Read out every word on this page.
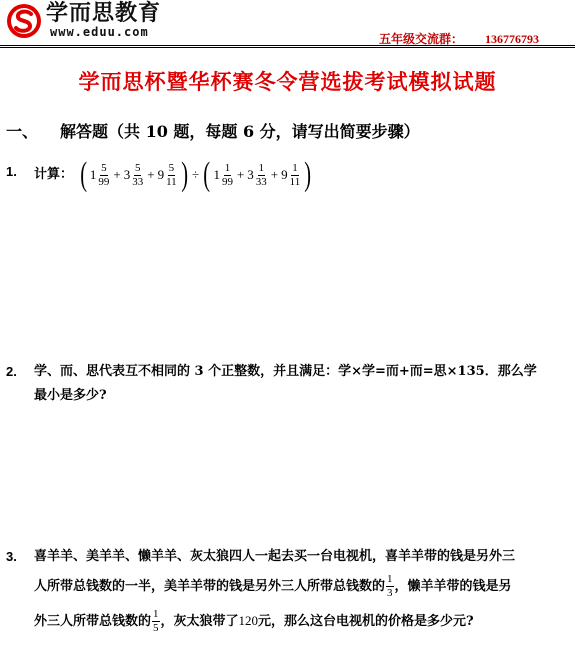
学而思教育
www.eduu.com	五年级交流群： 136776793
学而思杯暨华杯赛冬令营选拔考试模拟试题
一、 解答题（共 10 题，每题 6 分，请写出简要步骤）
1. 计算： ( $1 \frac{5}{99} + 3 \frac{5}{33} + 9 \frac{5}{11}$ ) ÷ ( $1 \frac{1}{99} + 3 \frac{1}{33} + 9 \frac{1}{11}$ )
2. 学、而、思代表互不相同的 3 个正整数，并且满足：学×学=而+而=思×135．那么学
最小是多少?
3. 喜羊羊、美羊羊、懒羊羊、灰太狼四人一起去买一台电视机，喜羊羊带的钱是另外三
人所带总钱数的一半，美羊羊带的钱是另外三人所带总钱数的 $\frac{1}{3}$ ，懒羊羊带的钱是另
外三人所带总钱数的 $\frac{1}{5}$ ，灰太狼带了120元，那么这台电视机的价格是多少元?
